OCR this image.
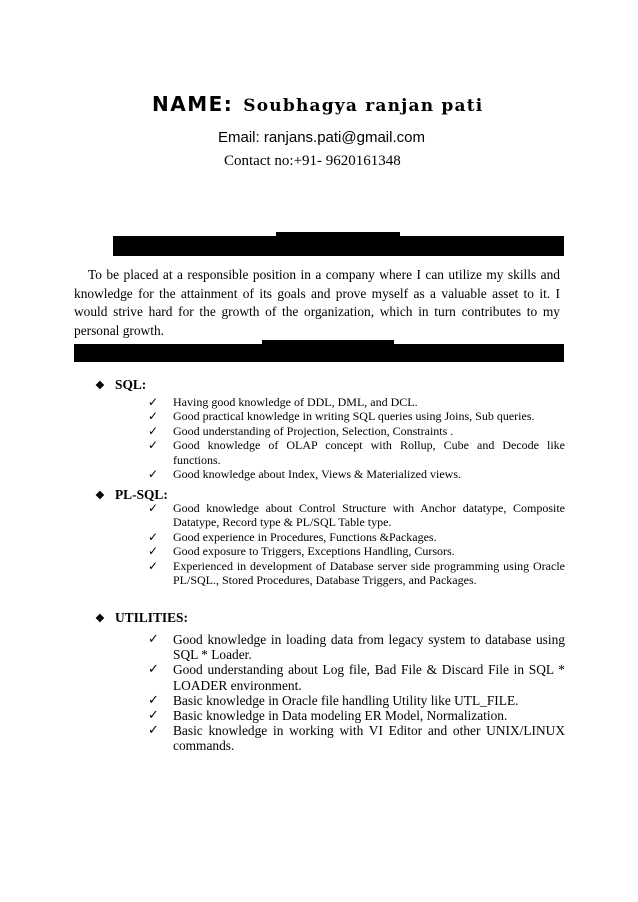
NAME: Soubhagya ranjan pati
Email: ranjans.pati@gmail.com
Contact no:+91- 9620161348
To be placed at a responsible position in a company where I can utilize my skills and knowledge for the attainment of its goals and prove myself as a valuable asset to it. I would strive hard for the growth of the organization, which in turn contributes to my personal growth.
❖ SQL:
✓ Having good knowledge of DDL, DML, and DCL.
✓ Good practical knowledge in writing SQL queries using Joins, Sub queries.
✓ Good understanding of Projection, Selection, Constraints .
✓ Good knowledge of OLAP concept with Rollup, Cube and Decode like functions.
✓ Good knowledge about Index, Views & Materialized views.
❖ PL-SQL:
✓ Good knowledge about Control Structure with Anchor datatype, Composite Datatype, Record type & PL/SQL Table type.
✓ Good experience in Procedures, Functions &Packages.
✓ Good exposure to Triggers, Exceptions Handling, Cursors.
✓ Experienced in development of Database server side programming using Oracle PL/SQL., Stored Procedures, Database Triggers, and Packages.
❖ UTILITIES:
✓ Good knowledge in loading data from legacy system to database using SQL * Loader.
✓ Good understanding about Log file, Bad File & Discard File in SQL * LOADER environment.
✓ Basic knowledge in Oracle file handling Utility like UTL_FILE.
✓ Basic knowledge in Data modeling ER Model, Normalization.
✓ Basic knowledge in working with VI Editor and other UNIX/LINUX commands.
